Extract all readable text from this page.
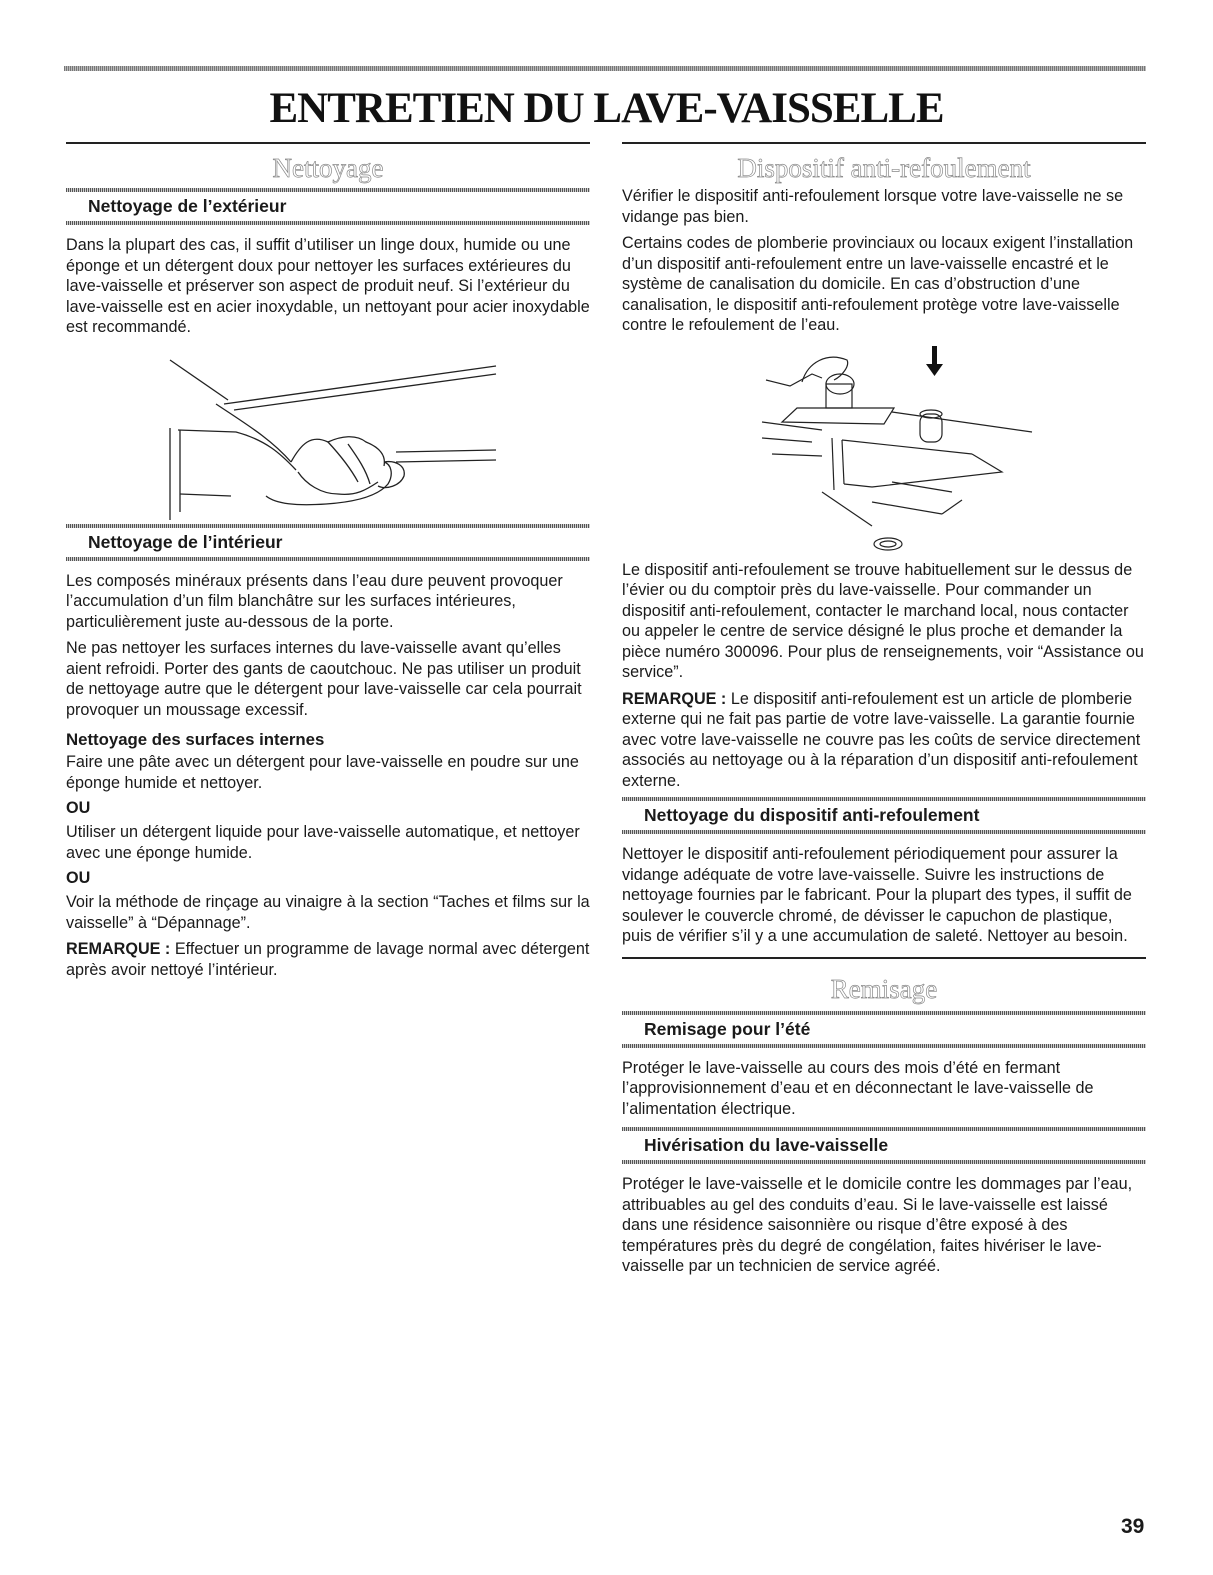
ENTRETIEN DU LAVE-VAISSELLE
Nettoyage
Nettoyage de l’extérieur

Dans la plupart des cas, il suffit d’utiliser un linge doux, humide ou une éponge et un détergent doux pour nettoyer les surfaces extérieures du lave-vaisselle et préserver son aspect de produit neuf. Si l’extérieur du lave-vaisselle est en acier inoxydable, un nettoyant pour acier inoxydable est recommandé.

Nettoyage de l’intérieur

Les composés minéraux présents dans l’eau dure peuvent provoquer l’accumulation d’un film blanchâtre sur les surfaces intérieures, particulièrement juste au-dessous de la porte.

Ne pas nettoyer les surfaces internes du lave-vaisselle avant qu’elles aient refroidi. Porter des gants de caoutchouc. Ne pas utiliser un produit de nettoyage autre que le détergent pour lave-vaisselle car cela pourrait provoquer un moussage excessif.

Nettoyage des surfaces internes

Faire une pâte avec un détergent pour lave-vaisselle en poudre sur une éponge humide et nettoyer.

OU

Utiliser un détergent liquide pour lave-vaisselle automatique, et nettoyer avec une éponge humide.

OU

Voir la méthode de rinçage au vinaigre à la section “Taches et films sur la vaisselle” à “Dépannage”.

REMARQUE : Effectuer un programme de lavage normal avec détergent après avoir nettoyé l’intérieur.

Dispositif anti-refoulement

Vérifier le dispositif anti-refoulement lorsque votre lave-vaisselle ne se vidange pas bien.

Certains codes de plomberie provinciaux ou locaux exigent l’installation d’un dispositif anti-refoulement entre un lave-vaisselle encastré et le système de canalisation du domicile. En cas d’obstruction d’une canalisation, le dispositif anti-refoulement protège votre lave-vaisselle contre le refoulement de l’eau.

Le dispositif anti-refoulement se trouve habituellement sur le dessus de l’évier ou du comptoir près du lave-vaisselle. Pour commander un dispositif anti-refoulement, contacter le marchand local, nous contacter ou appeler le centre de service désigné le plus proche et demander la pièce numéro 300096. Pour plus de renseignements, voir “Assistance ou service”.

REMARQUE : Le dispositif anti-refoulement est un article de plomberie externe qui ne fait pas partie de votre lave-vaisselle. La garantie fournie avec votre lave-vaisselle ne couvre pas les coûts de service directement associés au nettoyage ou à la réparation d’un dispositif anti-refoulement externe.

Nettoyage du dispositif anti-refoulement

Nettoyer le dispositif anti-refoulement périodiquement pour assurer la vidange adéquate de votre lave-vaisselle. Suivre les instructions de nettoyage fournies par le fabricant. Pour la plupart des types, il suffit de soulever le couvercle chromé, de dévisser le capuchon de plastique, puis de vérifier s’il y a une accumulation de saleté. Nettoyer au besoin.

Remisage
Remisage pour l’été

Protéger le lave-vaisselle au cours des mois d’été en fermant l’approvisionnement d’eau et en déconnectant le lave-vaisselle de l’alimentation électrique.

Hivérisation du lave-vaisselle

Protéger le lave-vaisselle et le domicile contre les dommages par l’eau, attribuables au gel des conduits d’eau. Si le lave-vaisselle est laissé dans une résidence saisonnière ou risque d’être exposé à des températures près du degré de congélation, faites hivériser le lave-vaisselle par un technicien de service agréé.

39
